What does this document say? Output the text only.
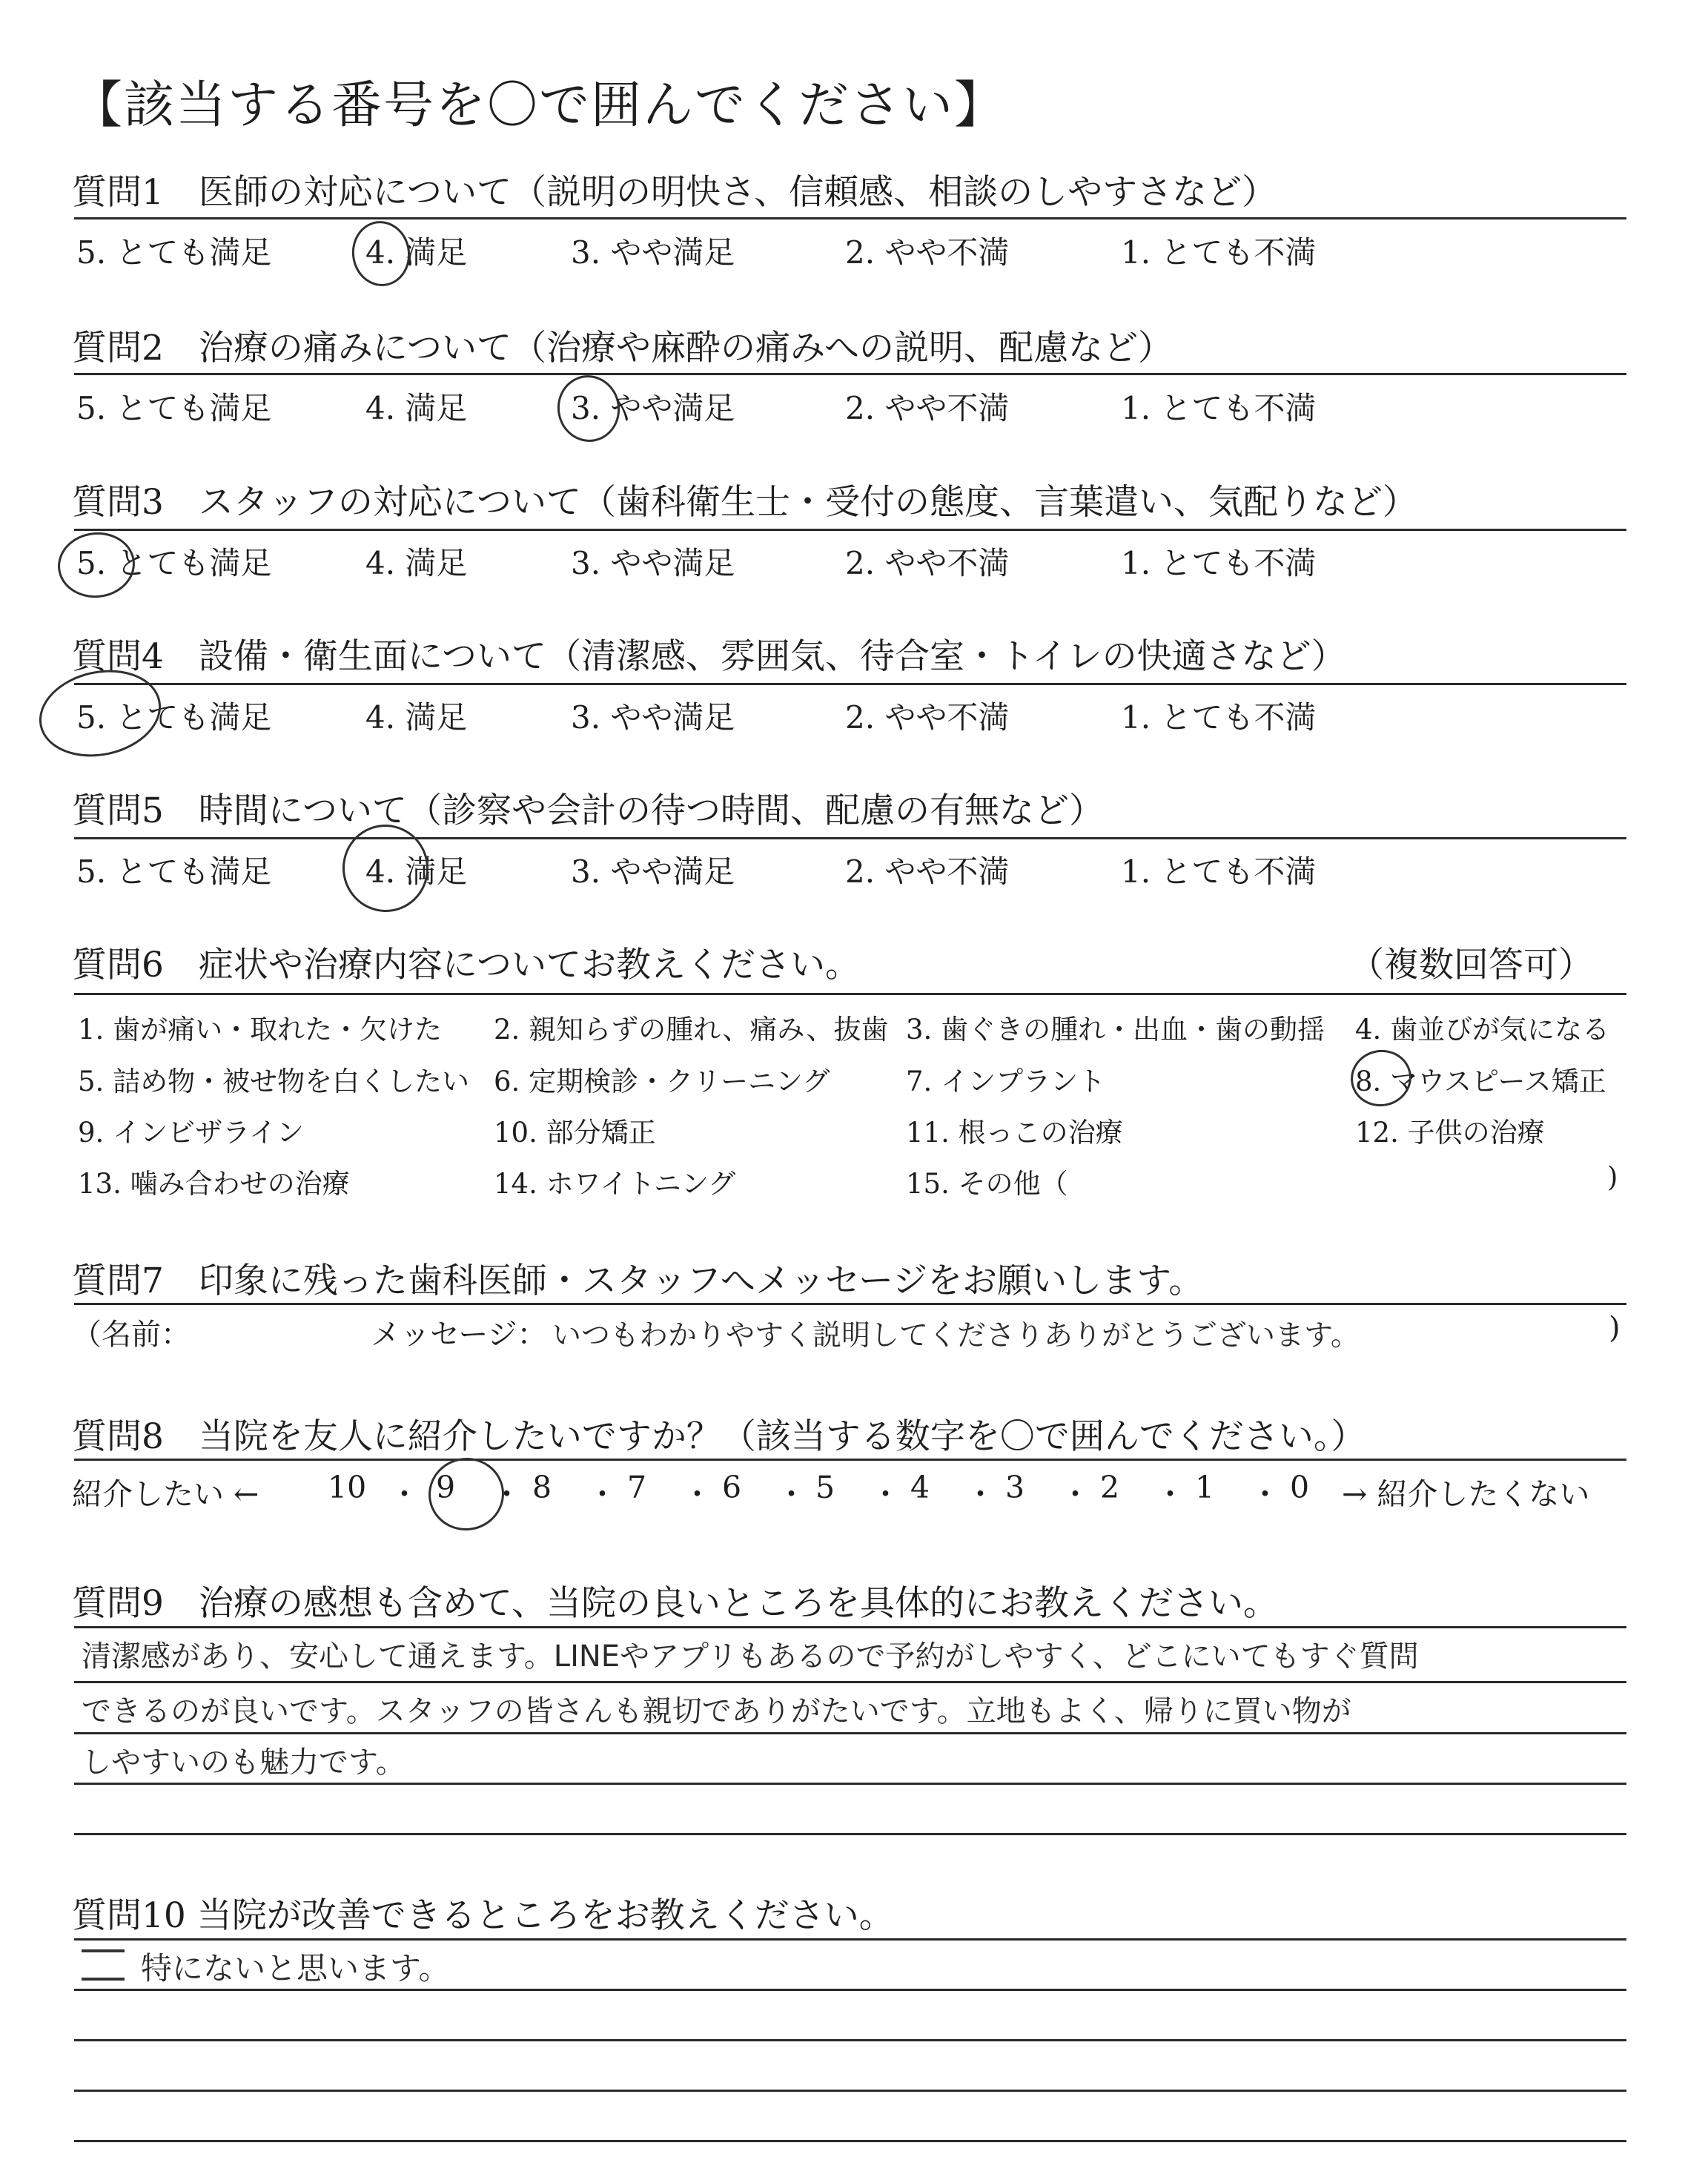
【該当する番号を〇で囲んでください】
質問1　医師の対応について（説明の明快さ、信頼感、相談のしやすさなど）
5. とても満足	4. 満足	3. やや満足	2. やや不満	1. とても不満
質問2　治療の痛みについて（治療や麻酔の痛みへの説明、配慮など）
5. とても満足	4. 満足	3. やや満足	2. やや不満	1. とても不満
質問3　スタッフの対応について（歯科衛生士・受付の態度、言葉遣い、気配りなど）
5. とても満足	4. 満足	3. やや満足	2. やや不満	1. とても不満
質問4　設備・衛生面について（清潔感、雰囲気、待合室・トイレの快適さなど）
5. とても満足	4. 満足	3. やや満足	2. やや不満	1. とても不満
質問5　時間について（診察や会計の待つ時間、配慮の有無など）
5. とても満足	4. 満足	3. やや満足	2. やや不満	1. とても不満
質問6　症状や治療内容についてお教えください。	（複数回答可）
1. 歯が痛い・取れた・欠けた 2. 親知らずの腫れ、痛み、抜歯 3. 歯ぐきの腫れ・出血・歯の動揺 4. 歯並びが気になる
5. 詰め物・被せ物を白くしたい 6. 定期検診・クリーニング	7. インプラント	8. マウスピース矯正
9. インビザライン	10. 部分矯正	11. 根っこの治療	12. 子供の治療
13. 噛み合わせの治療	14. ホワイトニング	15. その他（	)
質問7　印象に残った歯科医師・スタッフへメッセージをお願いします。
（名前：	メッセージ： いつもわかりやすく説明してくださりありがとうございます。	)
質問8　当院を友人に紹介したいですか？（該当する数字を〇で囲んでください。）
紹介したい ←	→ 紹介したくない
10 ・ 9 ・ 8 ・ 7 ・ 6 ・ 5 ・ 4 ・ 3 ・ 2 ・ 1 ・ 0
質問9　治療の感想も含めて、当院の良いところを具体的にお教えください。
清潔感があり、安心して通えます。LINEやアプリもあるので予約がしやすく、どこにいてもすぐ質問
できるのが良いです。スタッフの皆さんも親切でありがたいです。立地もよく、帰りに買い物が
しやすいのも魅力です。
質問10 当院が改善できるところをお教えください。
特にないと思います。
